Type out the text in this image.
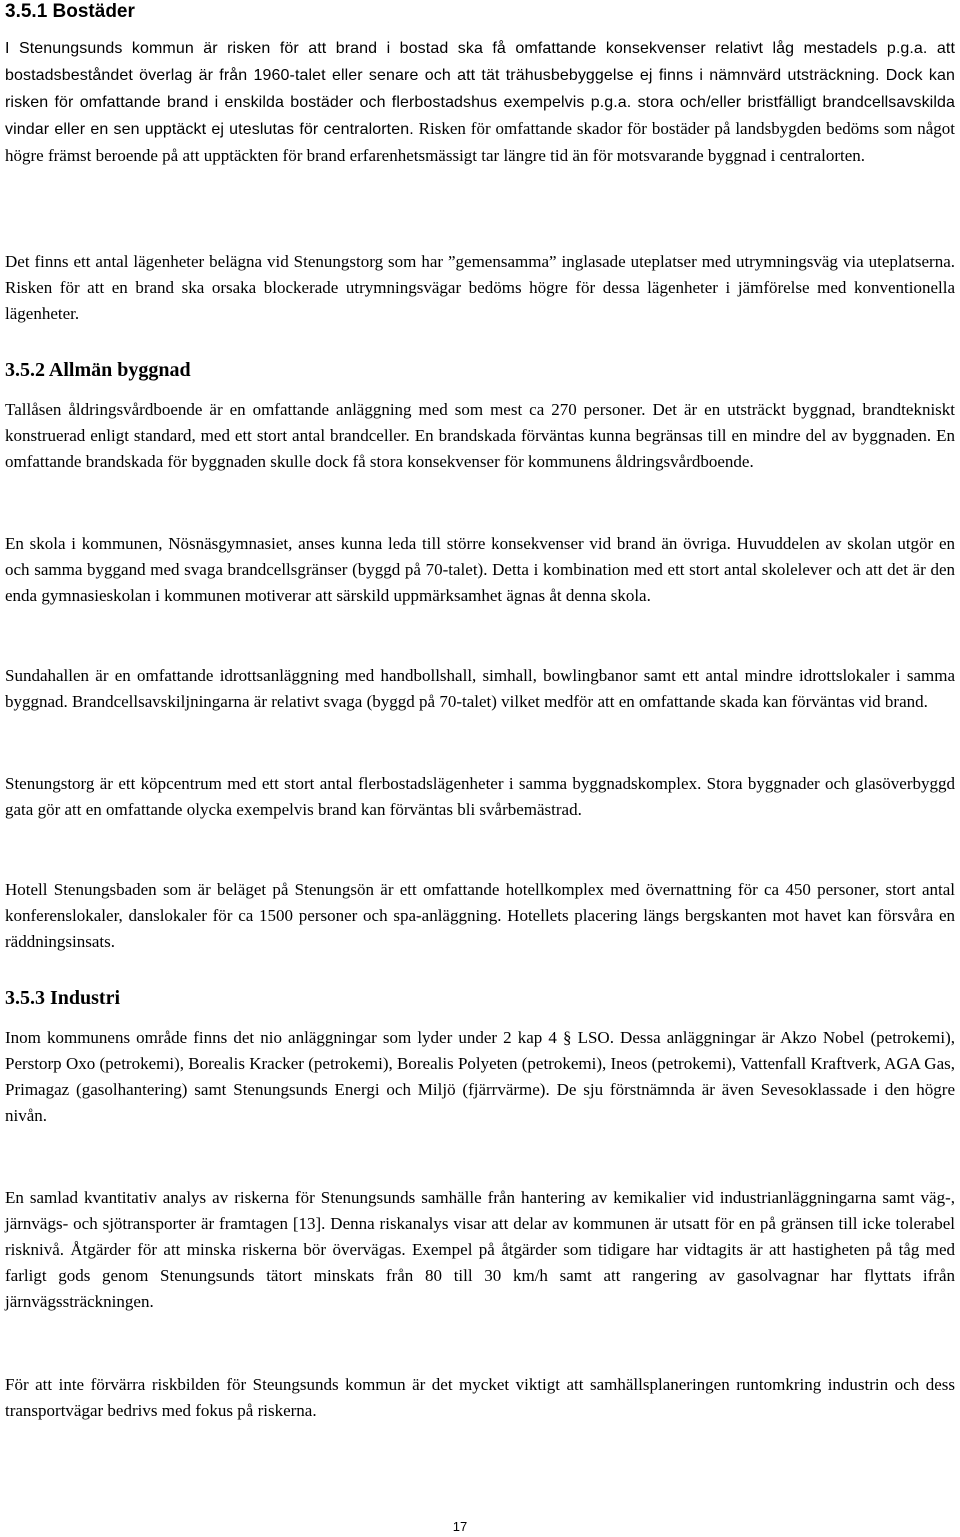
3.5.1 Bostäder

I Stenungsunds kommun är risken för att brand i bostad ska få omfattande konsekvenser relativt låg mestadels p.g.a. att bostadsbeståndet överlag är från 1960-talet eller senare och att tät trähusbebyggelse ej finns i nämnvärd utsträckning. Dock kan risken för omfattande brand i enskilda bostäder och flerbostadshus exempelvis p.g.a. stora och/eller bristfälligt brandcellsavskilda vindar eller en sen upptäckt ej uteslutas för centralorten. Risken för omfattande skador för bostäder på landsbygden bedöms som något högre främst beroende på att upptäckten för brand erfarenhetsmässigt tar längre tid än för motsvarande byggnad i centralorten.

Det finns ett antal lägenheter belägna vid Stenungstorg som har ”gemensamma” inglasade uteplatser med utrymningsväg via uteplatserna. Risken för att en brand ska orsaka blockerade utrymningsvägar bedöms högre för dessa lägenheter i jämförelse med konventionella lägenheter.

3.5.2 Allmän byggnad

Tallåsen åldringsvårdboende är en omfattande anläggning med som mest ca 270 personer. Det är en utsträckt byggnad, brandtekniskt konstruerad enligt standard, med ett stort antal brandceller. En brandskada förväntas kunna begränsas till en mindre del av byggnaden. En omfattande brandskada för byggnaden skulle dock få stora konsekvenser för kommunens åldringsvårdboende.

En skola i kommunen, Nösnäsgymnasiet, anses kunna leda till större konsekvenser vid brand än övriga. Huvuddelen av skolan utgör en och samma byggand med svaga brandcellsgränser (byggd på 70-talet). Detta i kombination med ett stort antal skolelever och att det är den enda gymnasieskolan i kommunen motiverar att särskild uppmärksamhet ägnas åt denna skola.

Sundahallen är en omfattande idrottsanläggning med handbollshall, simhall, bowlingbanor samt ett antal mindre idrottslokaler i samma byggnad. Brandcellsavskiljningarna är relativt svaga (byggd på 70-talet) vilket medför att en omfattande skada kan förväntas vid brand.

Stenungstorg är ett köpcentrum med ett stort antal flerbostadslägenheter i samma byggnadskomplex. Stora byggnader och glasöverbyggd gata gör att en omfattande olycka exempelvis brand kan förväntas bli svårbemästrad.

Hotell Stenungsbaden som är beläget på Stenungsön är ett omfattande hotellkomplex med övernattning för ca 450 personer, stort antal konferenslokaler, danslokaler för ca 1500 personer och spa-anläggning. Hotellets placering längs bergskanten mot havet kan försvåra en räddningsinsats.

3.5.3 Industri

Inom kommunens område finns det nio anläggningar som lyder under 2 kap 4 § LSO. Dessa anläggningar är Akzo Nobel (petrokemi), Perstorp Oxo (petrokemi), Borealis Kracker (petrokemi), Borealis Polyeten (petrokemi), Ineos (petrokemi), Vattenfall Kraftverk, AGA Gas, Primagaz (gasolhantering) samt Stenungsunds Energi och Miljö (fjärrvärme). De sju förstnämnda är även Sevesoklassade i den högre nivån.

En samlad kvantitativ analys av riskerna för Stenungsunds samhälle från hantering av kemikalier vid industrianläggningarna samt väg-, järnvägs- och sjötransporter är framtagen [13]. Denna riskanalys visar att delar av kommunen är utsatt för en på gränsen till icke tolerabel risknivå. Åtgärder för att minska riskerna bör övervägas. Exempel på åtgärder som tidigare har vidtagits är att hastigheten på tåg med farligt gods genom Stenungsunds tätort minskats från 80 till 30 km/h samt att rangering av gasolvagnar har flyttats ifrån järnvägssträckningen.

För att inte förvärra riskbilden för Steungsunds kommun är det mycket viktigt att samhällsplaneringen runtomkring industrin och dess transportvägar bedrivs med fokus på riskerna.

17
